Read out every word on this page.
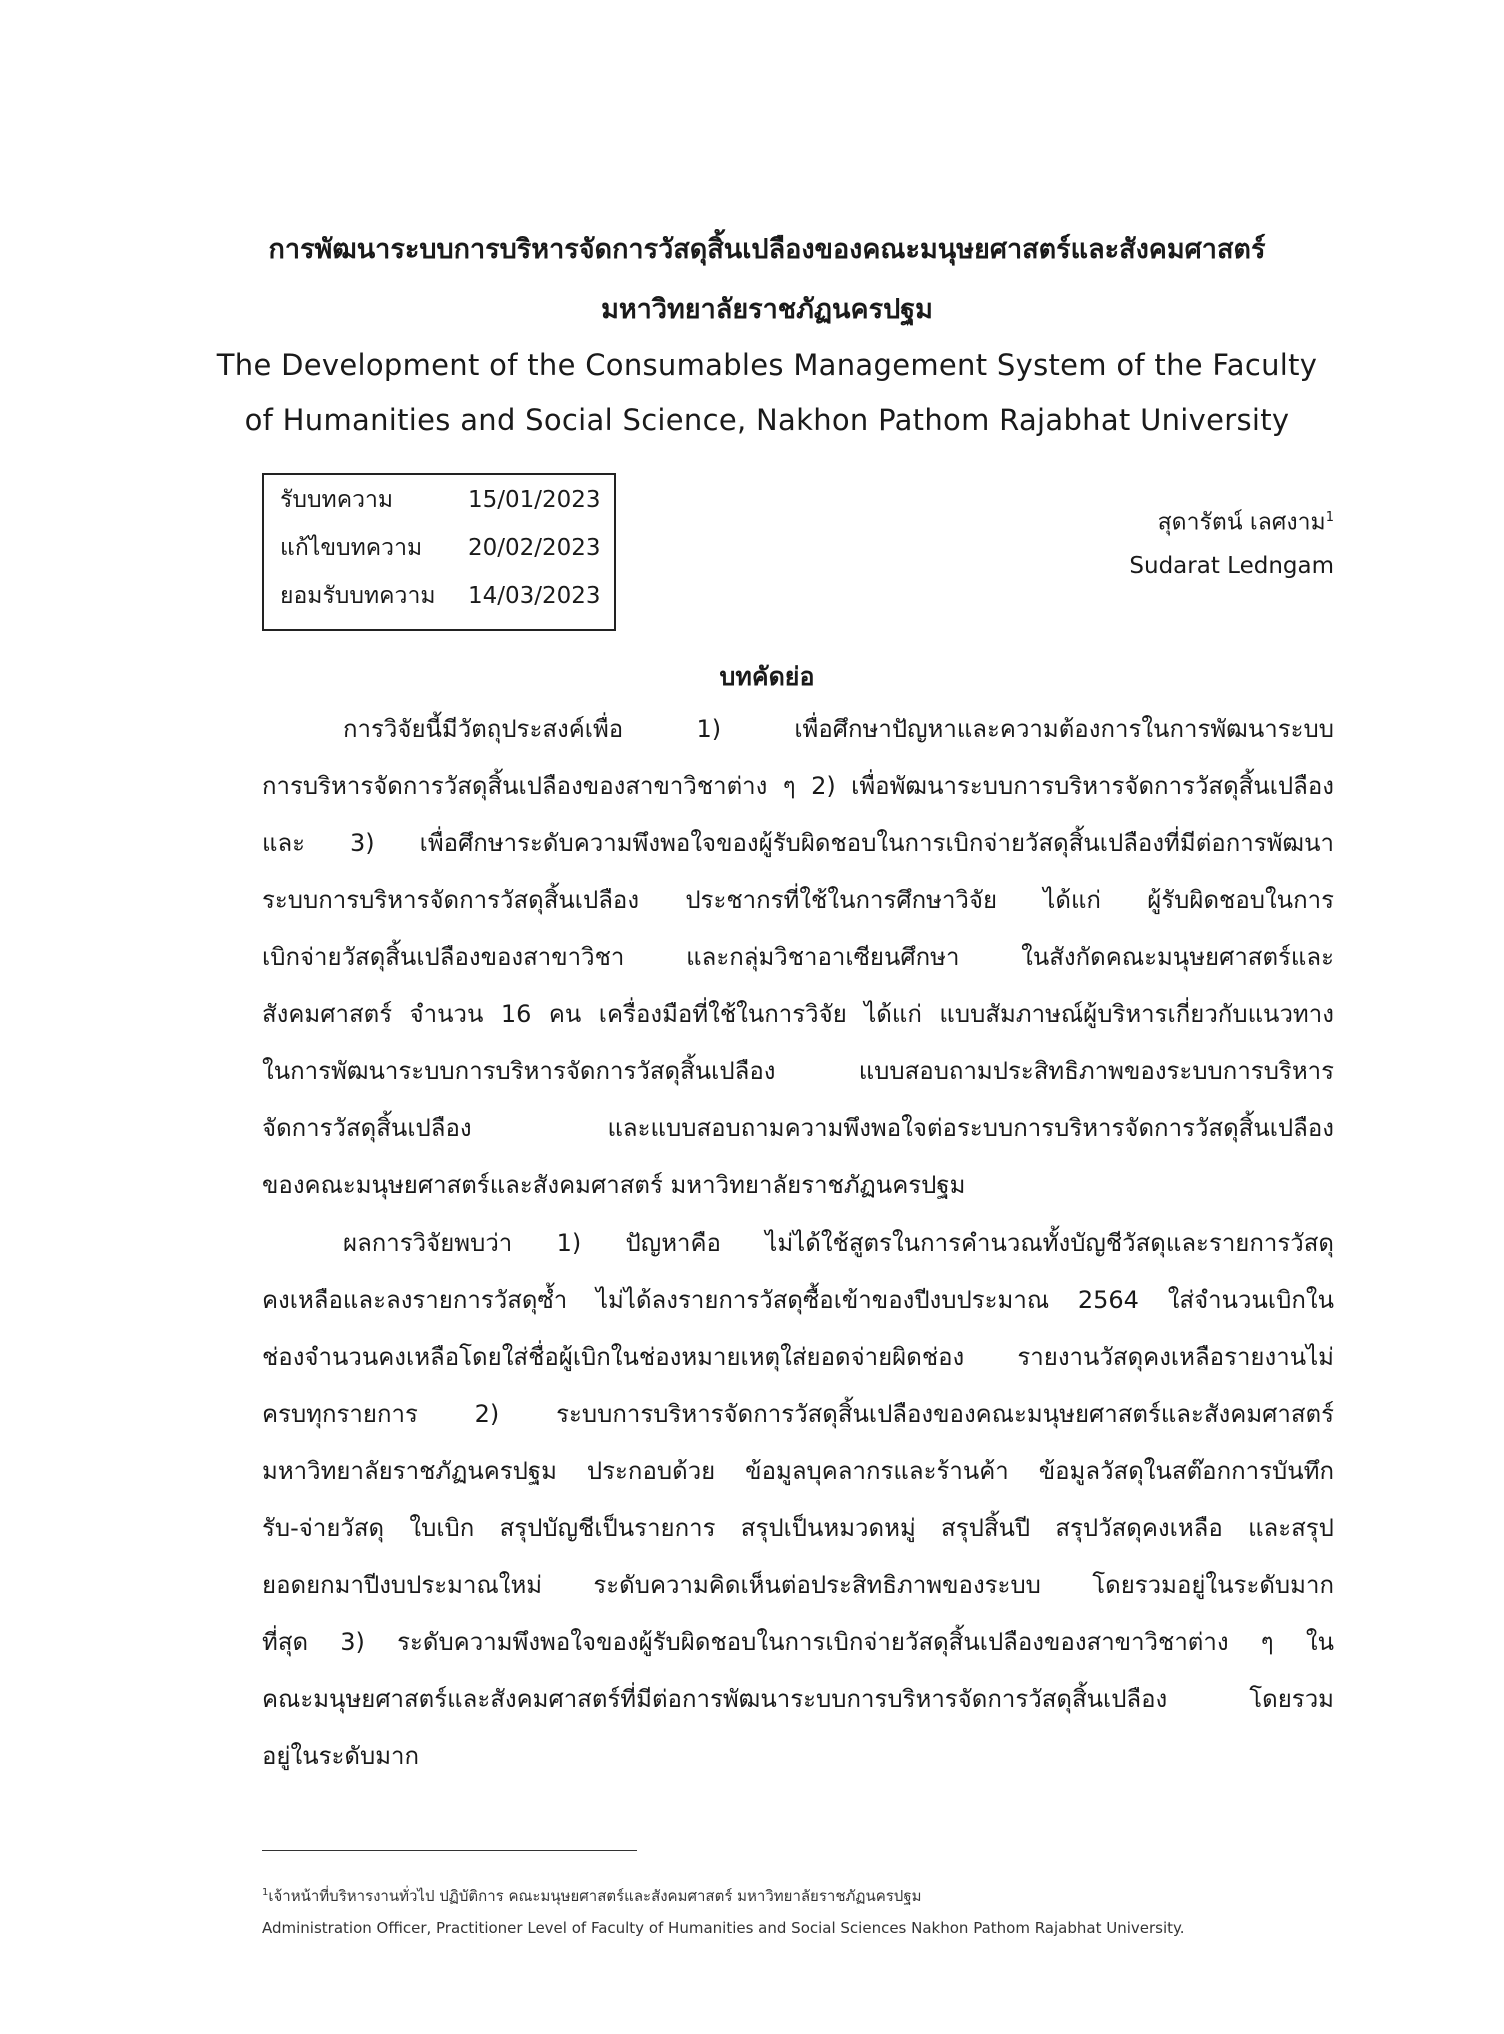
การพัฒนาระบบการบริหารจัดการวัสดุสิ้นเปลืองของคณะมนุษยศาสตร์และสังคมศาสตร์
มหาวิทยาลัยราชภัฏนครปฐม
The Development of the Consumables Management System of the Faculty
of Humanities and Social Science, Nakhon Pathom Rajabhat University
รับบทความ	15/01/2023
แก้ไขบทความ 20/02/2023
ยอมรับบทความ 14/03/2023
สุดารัตน์ เลศงาม$^1$
Sudarat Ledngam
บทคัดย่อ
การวิจัยนี้มีวัตถุประสงค์เพื่อ	1)	เพื่อศึกษาปัญหาและความต้องการในการพัฒนาระบบ
การบริหารจัดการวัสดุสิ้นเปลืองของสาขาวิชาต่าง ๆ 2) เพื่อพัฒนาระบบการบริหารจัดการวัสดุสิ้นเปลือง
และ 3) เพื่อศึกษาระดับความพึงพอใจของผู้รับผิดชอบในการเบิกจ่ายวัสดุสิ้นเปลืองที่มีต่อการพัฒนา
ระบบการบริหารจัดการวัสดุสิ้นเปลือง ประชากรที่ใช้ในการศึกษาวิจัย ได้แก่ ผู้รับผิดชอบในการ
เบิกจ่ายวัสดุสิ้นเปลืองของสาขาวิชา	และกลุ่มวิชาอาเซียนศึกษา	ในสังกัดคณะมนุษยศาสตร์และ
สังคมศาสตร์ จำนวน 16 คน เครื่องมือที่ใช้ในการวิจัย ได้แก่ แบบสัมภาษณ์ผู้บริหารเกี่ยวกับแนวทาง
ในการพัฒนาระบบการบริหารจัดการวัสดุสิ้นเปลือง	แบบสอบถามประสิทธิภาพของระบบการบริหาร
จัดการวัสดุสิ้นเปลือง	และแบบสอบถามความพึงพอใจต่อระบบการบริหารจัดการวัสดุสิ้นเปลือง
ของคณะมนุษยศาสตร์และสังคมศาสตร์ มหาวิทยาลัยราชภัฏนครปฐม
ผลการวิจัยพบว่า 1) ปัญหาคือ ไม่ได้ใช้สูตรในการคำนวณทั้งบัญชีวัสดุและรายการวัสดุ
คงเหลือและลงรายการวัสดุซ้ำ ไม่ได้ลงรายการวัสดุซื้อเข้าของปีงบประมาณ 2564 ใส่จำนวนเบิกใน
ช่องจำนวนคงเหลือโดยใส่ชื่อผู้เบิกในช่องหมายเหตุใส่ยอดจ่ายผิดช่อง รายงานวัสดุคงเหลือรายงานไม่
ครบทุกรายการ 2) ระบบการบริหารจัดการวัสดุสิ้นเปลืองของคณะมนุษยศาสตร์และสังคมศาสตร์
มหาวิทยาลัยราชภัฏนครปฐม ประกอบด้วย ข้อมูลบุคลากรและร้านค้า ข้อมูลวัสดุในสต๊อกการบันทึก
รับ-จ่ายวัสดุ ใบเบิก สรุปบัญชีเป็นรายการ สรุปเป็นหมวดหมู่ สรุปสิ้นปี สรุปวัสดุคงเหลือ และสรุป
ยอดยกมาปีงบประมาณใหม่ ระดับความคิดเห็นต่อประสิทธิภาพของระบบ โดยรวมอยู่ในระดับมาก
ที่สุด 3) ระดับความพึงพอใจของผู้รับผิดชอบในการเบิกจ่ายวัสดุสิ้นเปลืองของสาขาวิชาต่าง ๆ ใน
คณะมนุษยศาสตร์และสังคมศาสตร์ที่มีต่อการพัฒนาระบบการบริหารจัดการวัสดุสิ้นเปลือง	โดยรวม
อยู่ในระดับมาก
$^1$เจ้าหน้าที่บริหารงานทั่วไป ปฏิบัติการ คณะมนุษยศาสตร์และสังคมศาสตร์ มหาวิทยาลัยราชภัฏนครปฐม
Administration Officer, Practitioner Level of Faculty of Humanities and Social Sciences Nakhon Pathom Rajabhat University.
